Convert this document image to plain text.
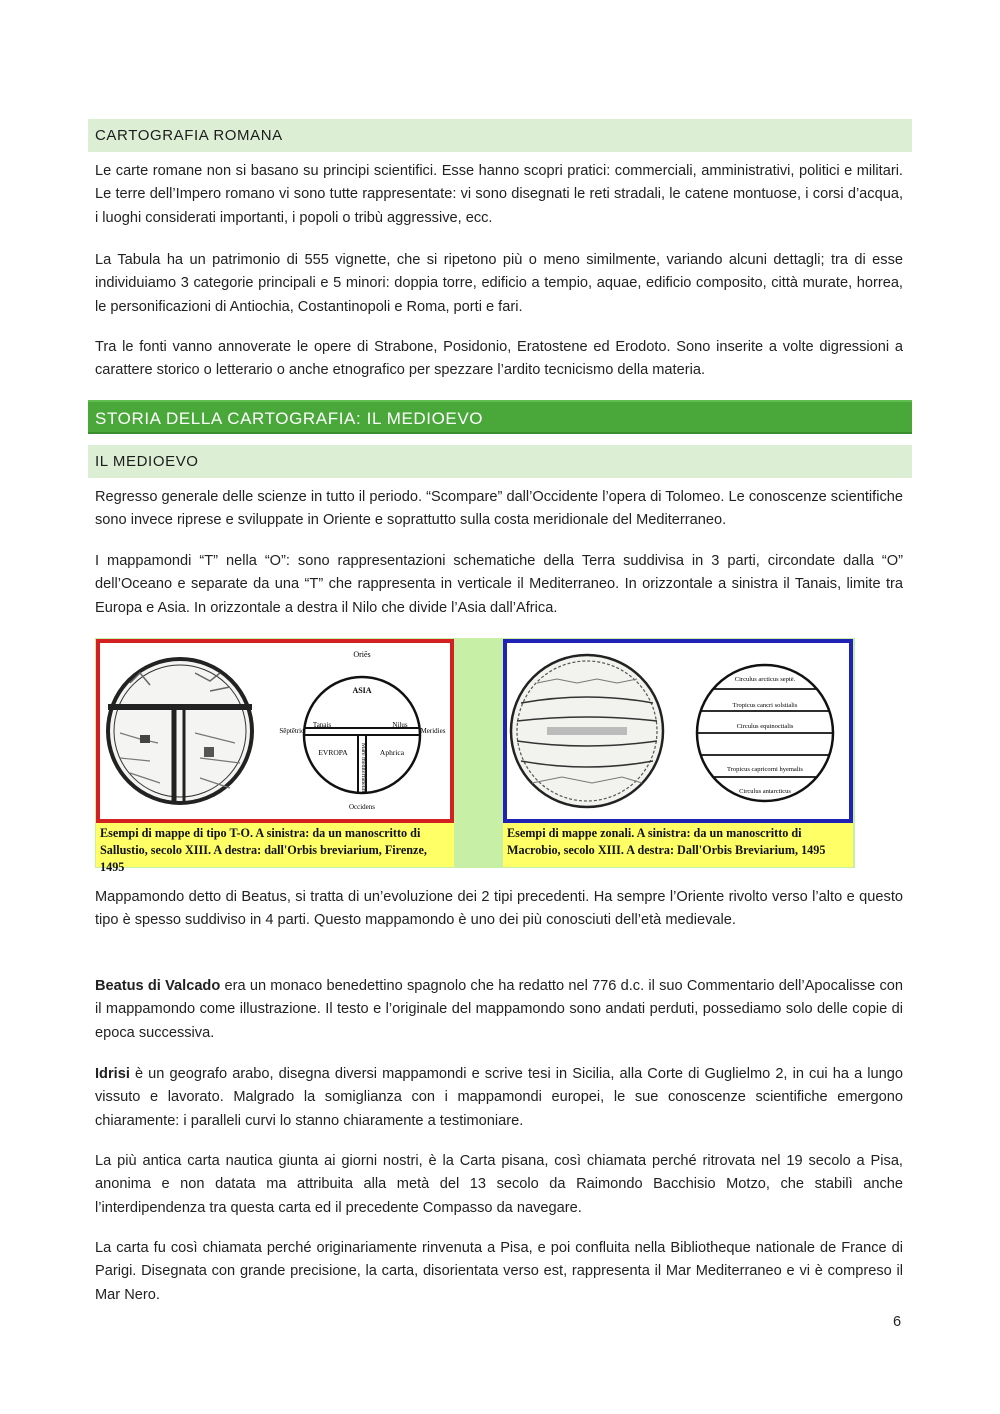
CARTOGRAFIA ROMANA

Le carte romane non si basano su principi scientifici. Esse hanno scopri pratici: commerciali, amministrativi, politici e militari. Le terre dell’Impero romano vi sono tutte rappresentate: vi sono disegnati le reti stradali, le catene montuose, i corsi d’acqua, i luoghi considerati importanti, i popoli o tribù aggressive, ecc.

La Tabula ha un patrimonio di 555 vignette, che si ripetono più o meno similmente, variando alcuni dettagli; tra di esse individuiamo 3 categorie principali e 5 minori: doppia torre, edificio a tempio, aquae, edificio composito, città murate, horrea, le personificazioni di Antiochia, Costantinopoli e Roma, porti e fari.

Tra le fonti vanno annoverate le opere di Strabone, Posidonio, Eratostene ed Erodoto. Sono inserite a volte digressioni a carattere storico o letterario o anche etnografico per spezzare l’ardito tecnicismo della materia.

STORIA DELLA CARTOGRAFIA: IL MEDIOEVO
IL MEDIOEVO

Regresso generale delle scienze in tutto il periodo. “Scompare” dall’Occidente l’opera di Tolomeo. Le conoscenze scientifiche sono invece riprese e sviluppate in Oriente e soprattutto sulla costa meridionale del Mediterraneo.

I mappamondi “T” nella “O”: sono rappresentazioni schematiche della Terra suddivisa in 3 parti, circondate dalla “O” dell’Oceano e separate da una “T” che rappresenta in verticale il Mediterraneo. In orizzontale a sinistra il Tanais, limite tra Europa e Asia. In orizzontale a destra il Nilo che divide l’Asia dall’Africa.

Oriēs
ASIA
Sēptētrio
Tanais	Nilus
Meridies
EVROPA	Aphrica
Mare mediterraneum
Occidens
Circulus arcticus septē.
Tropicus cancri solstialis
Circulus equinoctialis
Tropicus capricorni hyemalis
Circulus antarcticus
Esempi di mappe di tipo T-O. A sinistra: da un manoscritto di Sallustio, secolo XIII. A destra: dall'Orbis breviarium, Firenze, 1495
Esempi di mappe zonali. A sinistra: da un manoscritto di Macrobio, secolo XIII. A destra: Dall'Orbis Breviarium, 1495

Mappamondo detto di Beatus, si tratta di un’evoluzione dei 2 tipi precedenti. Ha sempre l’Oriente rivolto verso l’alto e questo tipo è spesso suddiviso in 4 parti. Questo mappamondo è uno dei più conosciuti dell’età medievale.

Beatus di Valcado era un monaco benedettino spagnolo che ha redatto nel 776 d.c. il suo Commentario dell’Apocalisse con il mappamondo come illustrazione. Il testo e l’originale del mappamondo sono andati perduti, possediamo solo delle copie di epoca successiva.

Idrisi è un geografo arabo, disegna diversi mappamondi e scrive tesi in Sicilia, alla Corte di Guglielmo 2, in cui ha a lungo vissuto e lavorato. Malgrado la somiglianza con i mappamondi europei, le sue conoscenze scientifiche emergono chiaramente: i paralleli curvi lo stanno chiaramente a testimoniare.

La più antica carta nautica giunta ai giorni nostri, è la Carta pisana, così chiamata perché ritrovata nel 19 secolo a Pisa, anonima e non datata ma attribuita alla metà del 13 secolo da Raimondo Bacchisio Motzo, che stabilì anche l’interdipendenza tra questa carta ed il precedente Compasso da navegare.

La carta fu così chiamata perché originariamente rinvenuta a Pisa, e poi confluita nella Bibliotheque nationale de France di Parigi. Disegnata con grande precisione, la carta, disorientata verso est, rappresenta il Mar Mediterraneo e vi è compreso il Mar Nero.

6
